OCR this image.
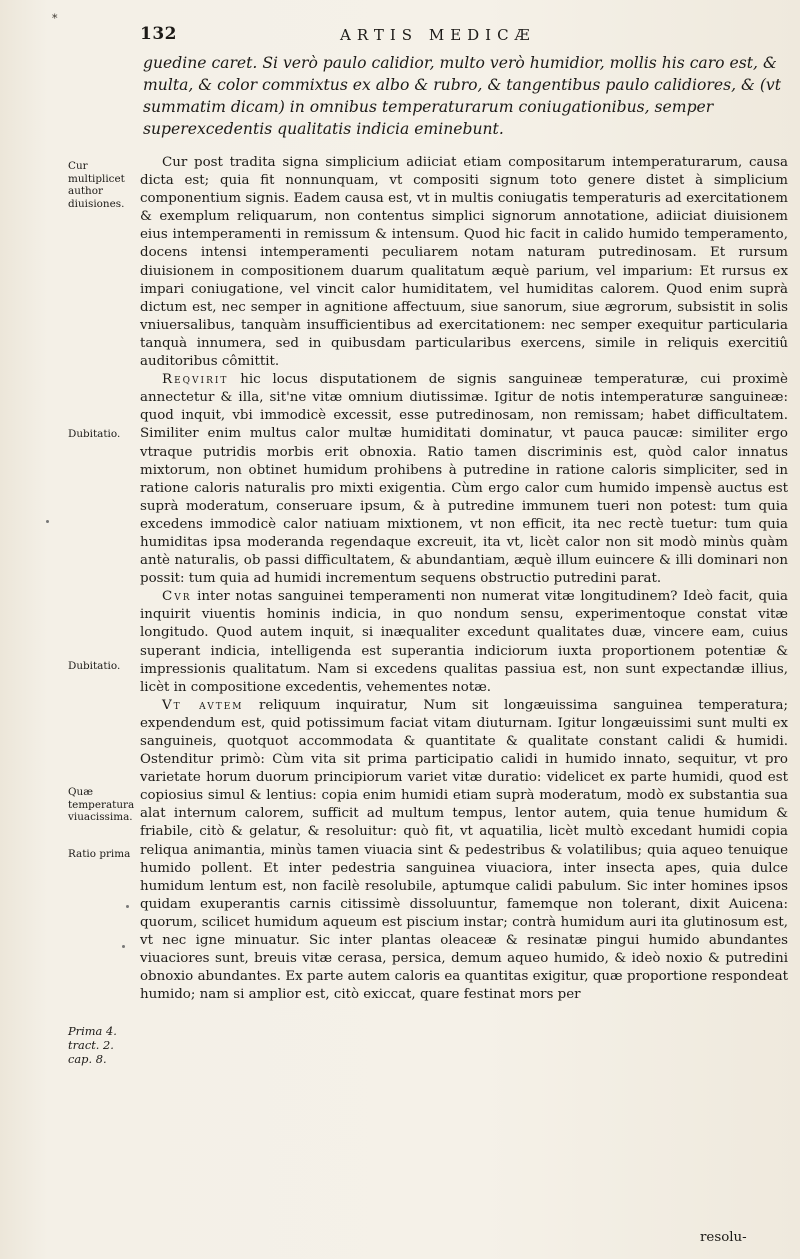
*
132	ARTIS MEDICÆ
guedine caret. Si verò paulo calidior, multo verò humidior, mollis his caro est, & multa, & color commixtus ex albo & rubro, & tangentibus paulo calidiores, & (vt summatim dicam) in omnibus temperaturarum coniugationibus, semper superexcedentis qualitatis indicia eminebunt.

Cur post tradita signa simplicium adiiciat etiam compositarum intemperaturarum, causa dicta est; quia fit nonnunquam, vt compositi signum toto genere distet à simplicium componentium signis. Eadem causa est, vt in multis coniugatis temperaturis ad exercitationem & exemplum reliquarum, non contentus simplici signorum annotatione, adiiciat diuisionem eius intemperamenti in remissum & intensum. Quod hic facit in calido humido temperamento, docens intensi intemperamenti peculiarem notam naturam putredinosam. Et rursum diuisionem in compositionem duarum qualitatum æquè parium, vel imparium: Et rursus ex impari coniugatione, vel vincit calor humiditatem, vel humiditas calorem. Quod enim suprà dictum est, nec semper in agnitione affectuum, siue sanorum, siue ægrorum, subsistit in solis vniuersalibus, tanquàm insufficientibus ad exercitationem: nec semper exequitur particularia tanquà innumera, sed in quibusdam particularibus exercens, simile in reliquis exercitiû auditoribus cômittit.

Reqvirit hic locus disputationem de signis sanguineæ temperaturæ, cui proximè annectetur & illa, sit'ne vitæ omnium diutissimæ. Igitur de notis intemperaturæ sanguineæ: quod inquit, vbi immodicè excessit, esse putredinosam, non remissam; habet difficultatem. Similiter enim multus calor multæ humiditati dominatur, vt pauca paucæ: similiter ergo vtraque putridis morbis erit obnoxia. Ratio tamen discriminis est, quòd calor innatus mixtorum, non obtinet humidum prohibens à putredine in ratione caloris simpliciter, sed in ratione caloris naturalis pro mixti exigentia. Cùm ergo calor cum humido impensè auctus est suprà moderatum, conseruare ipsum, & à putredine immunem tueri non potest: tum quia excedens immodicè calor natiuam mixtionem, vt non efficit, ita nec rectè tuetur: tum quia humiditas ipsa moderanda regendaque excreuit, ita vt, licèt calor non sit modò minùs quàm antè naturalis, ob passi difficultatem, & abundantiam, æquè illum euincere & illi dominari non possit: tum quia ad humidi incrementum sequens obstructio putredini parat.

Cvr inter notas sanguinei temperamenti non numerat vitæ longitudinem? Ideò facit, quia inquirit viuentis hominis indicia, in quo nondum sensu, experimentoque constat vitæ longitudo. Quod autem inquit, si inæqualiter excedunt qualitates duæ, vincere eam, cuius superant indicia, intelligenda est superantia indiciorum iuxta proportionem potentiæ & impressionis qualitatum. Nam si excedens qualitas passiua est, non sunt expectandæ illius, licèt in compositione excedentis, vehementes notæ.

Vt avtem reliquum inquiratur, Num sit longæuissima sanguinea temperatura; expendendum est, quid potissimum faciat vitam diuturnam. Igitur longæuissimi sunt multi ex sanguineis, quotquot accommodata & quantitate & qualitate constant calidi & humidi. Ostenditur primò: Cùm vita sit prima participatio calidi in humido innato, sequitur, vt pro varietate horum duorum principiorum variet vitæ duratio: videlicet ex parte humidi, quod est copiosius simul & lentius: copia enim humidi etiam suprà moderatum, modò ex substantia sua alat internum calorem, sufficit ad multum tempus, lentor autem, quia tenue humidum & friabile, citò & gelatur, & resoluitur: quò fit, vt aquatilia, licèt multò excedant humidi copia reliqua animantia, minùs tamen viuacia sint & pedestribus & volatilibus; quia aqueo tenuique humido pollent. Et inter pedestria sanguinea viuaciora, inter insecta apes, quia dulce humidum lentum est, non facilè resolubile, aptumque calidi pabulum. Sic inter homines ipsos quidam exuperantis carnis citissimè dissoluuntur, famemque non tolerant, dixit Auicena: quorum, scilicet humidum aqueum est piscium instar; contrà humidum auri ita glutinosum est, vt nec igne minuatur. Sic inter plantas oleaceæ & resinatæ pingui humido abundantes viuaciores sunt, breuis vitæ cerasa, persica, demum aqueo humido, & ideò noxio & putredini obnoxio abundantes. Ex parte autem caloris ea quantitas exigitur, quæ proportione respondeat humido; nam si amplior est, citò exiccat, quare festinat mors per

resolu-
Cur multiplicet author diuisiones.
Dubitatio.
Dubitatio.
Quæ temperatura viuacissima.
Ratio prima
Prima 4. tract. 2. cap. 8.
